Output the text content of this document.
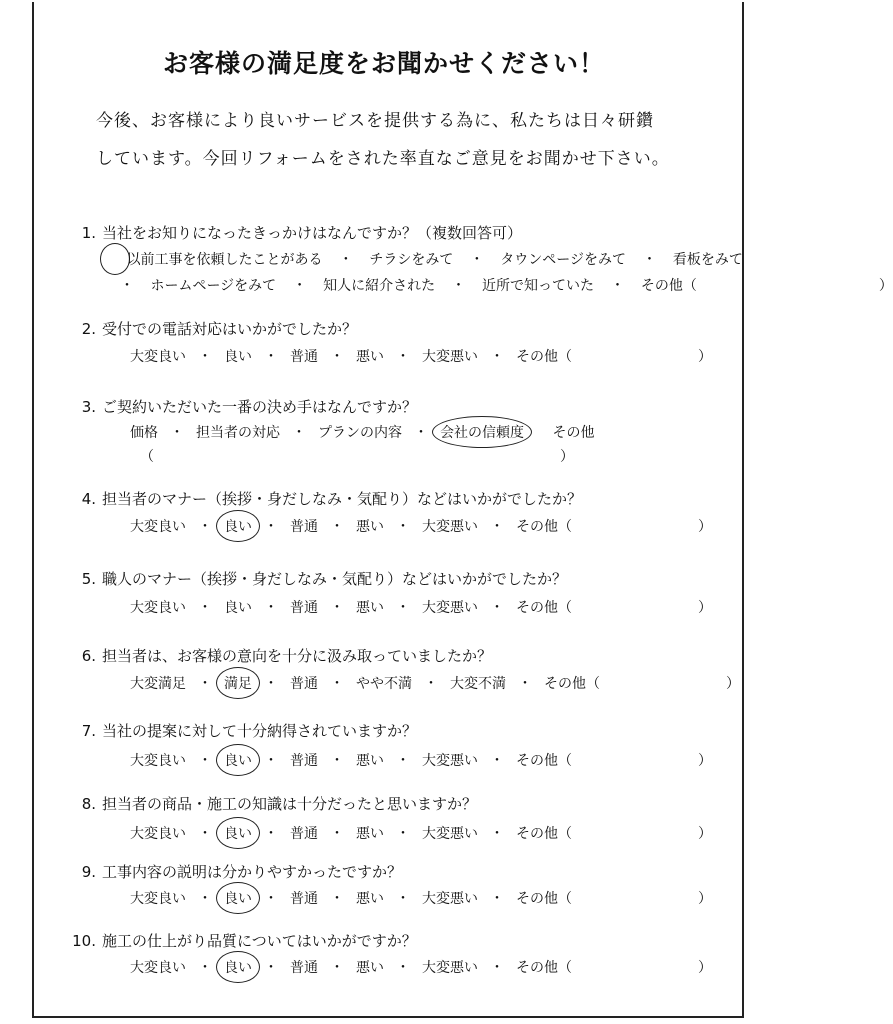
お客様の満足度をお聞かせください！
今後、お客様により良いサービスを提供する為に、私たちは日々研鑽
しています。今回リフォームをされた率直なご意見をお聞かせ下さい。
1. 当社をお知りになったきっかけはなんですか？（複数回答可）
　 以前工事を依頼したことがある ・ チラシをみて ・ タウンページをみて ・ 看板をみて
・ ホームページをみて ・ 知人に紹介された ・ 近所で知っていた ・ その他（　　　　　　　　　　　　　）
2. 受付での電話対応はいかがでしたか？
大変良い ・ 良い ・ 普通 ・ 悪い ・ 大変悪い ・ その他（　　　　　　　　　）
3. ご契約いただいた一番の決め手はなんですか？
価格 ・ 担当者の対応 ・ プランの内容 ・ 会社の信頼度 その他
（　　　　　　　　　　　　　　　　　　　　　　　　　　　　　）
4. 担当者のマナー（挨拶・身だしなみ・気配り）などはいかがでしたか？
大変良い ・ 良い ・ 普通 ・ 悪い ・ 大変悪い ・ その他（　　　　　　　　　）
5. 職人のマナー（挨拶・身だしなみ・気配り）などはいかがでしたか？
大変良い ・ 良い ・ 普通 ・ 悪い ・ 大変悪い ・ その他（　　　　　　　　　）
6. 担当者は、お客様の意向を十分に汲み取っていましたか？
大変満足 ・ 満足 ・ 普通 ・ やや不満 ・ 大変不満 ・ その他（　　　　　　　　　）
7. 当社の提案に対して十分納得されていますか？
大変良い ・ 良い ・ 普通 ・ 悪い ・ 大変悪い ・ その他（　　　　　　　　　）
8. 担当者の商品・施工の知識は十分だったと思いますか？
大変良い ・ 良い ・ 普通 ・ 悪い ・ 大変悪い ・ その他（　　　　　　　　　）
9. 工事内容の説明は分かりやすかったですか？
大変良い ・ 良い ・ 普通 ・ 悪い ・ 大変悪い ・ その他（　　　　　　　　　）
10. 施工の仕上がり品質についてはいかがですか？
大変良い ・ 良い ・ 普通 ・ 悪い ・ 大変悪い ・ その他（　　　　　　　　　）
